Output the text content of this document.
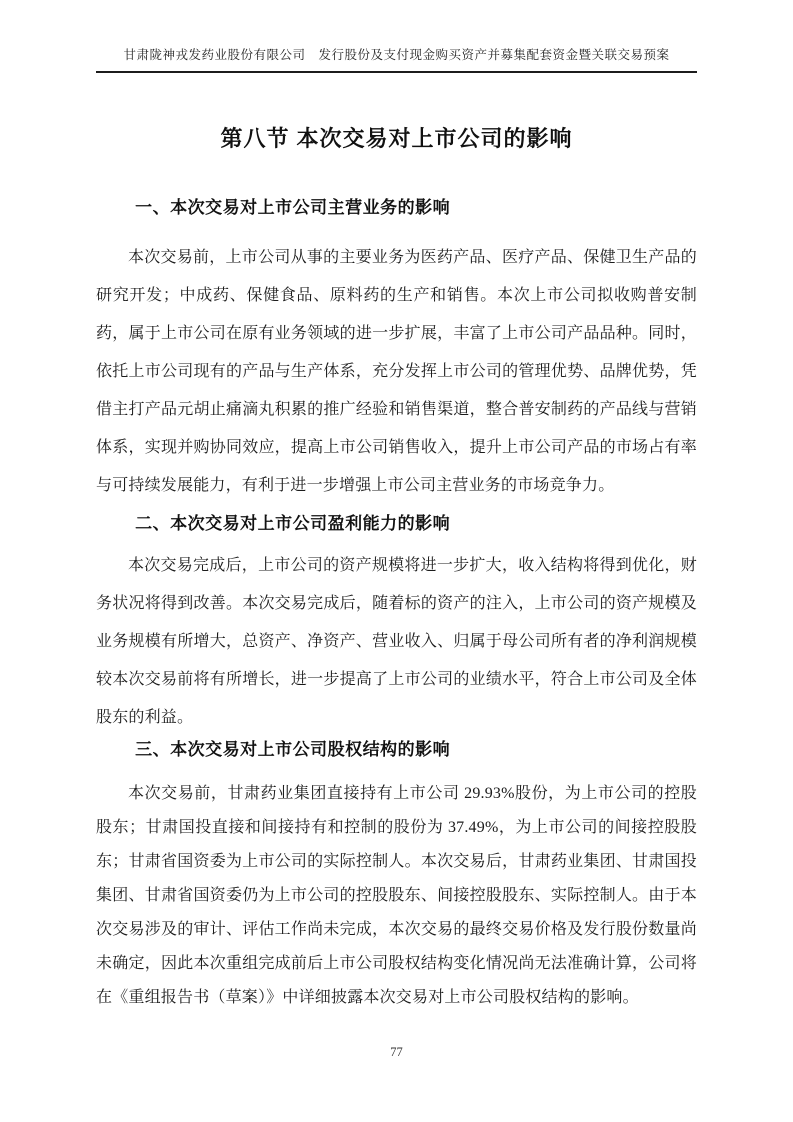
甘肃陇神戎发药业股份有限公司　发行股份及支付现金购买资产并募集配套资金暨关联交易预案
第八节 本次交易对上市公司的影响
一、本次交易对上市公司主营业务的影响

本次交易前，上市公司从事的主要业务为医药产品、医疗产品、保健卫生产品的研究开发；中成药、保健食品、原料药的生产和销售。本次上市公司拟收购普安制药，属于上市公司在原有业务领域的进一步扩展，丰富了上市公司产品品种。同时，依托上市公司现有的产品与生产体系，充分发挥上市公司的管理优势、品牌优势，凭借主打产品元胡止痛滴丸积累的推广经验和销售渠道，整合普安制药的产品线与营销体系，实现并购协同效应，提高上市公司销售收入，提升上市公司产品的市场占有率与可持续发展能力，有利于进一步增强上市公司主营业务的市场竞争力。

二、本次交易对上市公司盈利能力的影响

本次交易完成后，上市公司的资产规模将进一步扩大，收入结构将得到优化，财务状况将得到改善。本次交易完成后，随着标的资产的注入，上市公司的资产规模及业务规模有所增大，总资产、净资产、营业收入、归属于母公司所有者的净利润规模较本次交易前将有所增长，进一步提高了上市公司的业绩水平，符合上市公司及全体股东的利益。

三、本次交易对上市公司股权结构的影响

本次交易前，甘肃药业集团直接持有上市公司 29.93%股份，为上市公司的控股股东；甘肃国投直接和间接持有和控制的股份为 37.49%，为上市公司的间接控股股东；甘肃省国资委为上市公司的实际控制人。本次交易后，甘肃药业集团、甘肃国投集团、甘肃省国资委仍为上市公司的控股股东、间接控股股东、实际控制人。由于本次交易涉及的审计、评估工作尚未完成，本次交易的最终交易价格及发行股份数量尚未确定，因此本次重组完成前后上市公司股权结构变化情况尚无法准确计算，公司将在《重组报告书（草案）》中详细披露本次交易对上市公司股权结构的影响。

77
